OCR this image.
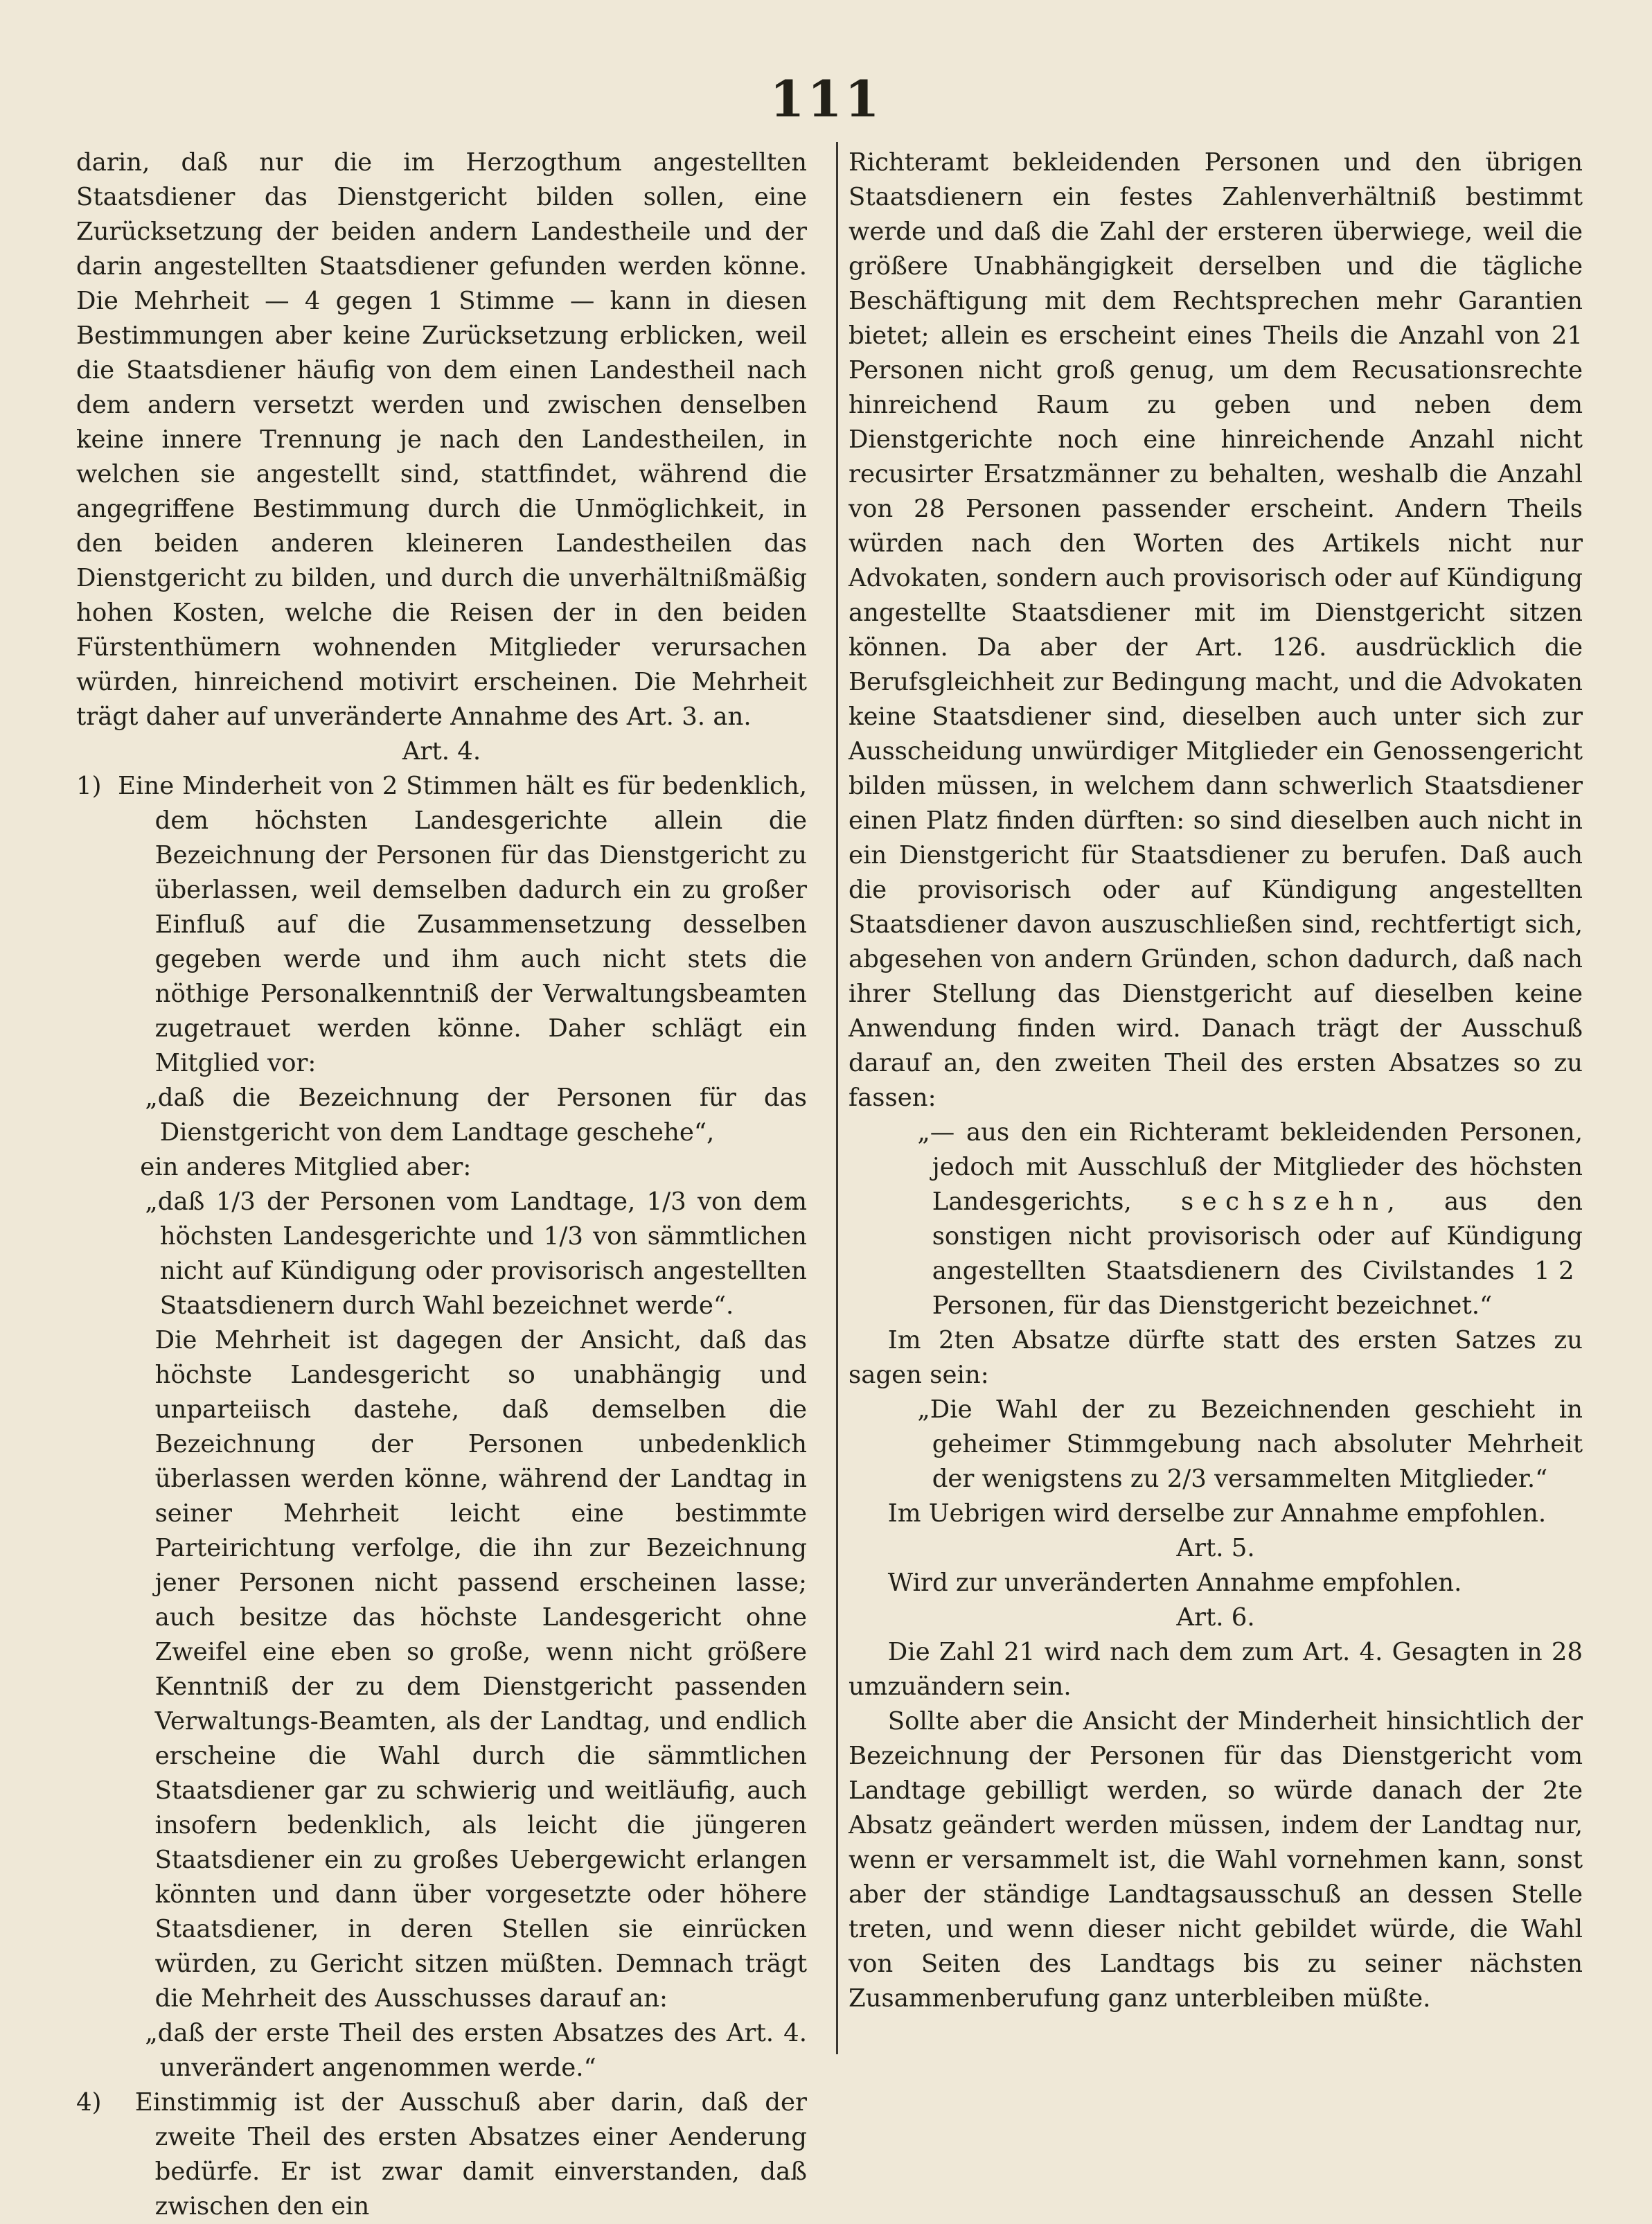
111

darin, daß nur die im Herzogthum angestellten Staatsdiener das Dienstgericht bilden sollen, eine Zurücksetzung der beiden andern Landestheile und der darin angestellten Staatsdiener gefunden werden könne. Die Mehrheit — 4 gegen 1 Stimme — kann in diesen Bestimmungen aber keine Zurücksetzung erblicken, weil die Staatsdiener häufig von dem einen Landestheil nach dem andern versetzt werden und zwischen denselben keine innere Trennung je nach den Landestheilen, in welchen sie angestellt sind, stattfindet, während die angegriffene Bestimmung durch die Unmöglichkeit, in den beiden anderen kleineren Landestheilen das Dienstgericht zu bilden, und durch die unverhältnißmäßig hohen Kosten, welche die Reisen der in den beiden Fürstenthümern wohnenden Mitglieder verursachen würden, hinreichend motivirt erscheinen. Die Mehrheit trägt daher auf unveränderte Annahme des Art. 3. an.

Art. 4.

1) Eine Minderheit von 2 Stimmen hält es für bedenklich, dem höchsten Landesgerichte allein die Bezeichnung der Personen für das Dienstgericht zu überlassen, weil demselben dadurch ein zu großer Einfluß auf die Zusammensetzung desselben gegeben werde und ihm auch nicht stets die nöthige Personalkenntniß der Verwaltungsbeamten zugetrauet werden könne. Daher schlägt ein Mitglied vor:

„daß die Bezeichnung der Personen für das Dienstgericht von dem Landtage geschehe“,

ein anderes Mitglied aber:

„daß 1/3 der Personen vom Landtage, 1/3 von dem höchsten Landesgerichte und 1/3 von sämmtlichen nicht auf Kündigung oder provisorisch angestellten Staatsdienern durch Wahl bezeichnet werde“.

Die Mehrheit ist dagegen der Ansicht, daß das höchste Landesgericht so unabhängig und unparteiisch dastehe, daß demselben die Bezeichnung der Personen unbedenklich überlassen werden könne, während der Landtag in seiner Mehrheit leicht eine bestimmte Parteirichtung verfolge, die ihn zur Bezeichnung jener Personen nicht passend erscheinen lasse; auch besitze das höchste Landesgericht ohne Zweifel eine eben so große, wenn nicht größere Kenntniß der zu dem Dienstgericht passenden Verwaltungs-Beamten, als der Landtag, und endlich erscheine die Wahl durch die sämmtlichen Staatsdiener gar zu schwierig und weitläufig, auch insofern bedenklich, als leicht die jüngeren Staatsdiener ein zu großes Uebergewicht erlangen könnten und dann über vorgesetzte oder höhere Staatsdiener, in deren Stellen sie einrücken würden, zu Gericht sitzen müßten. Demnach trägt die Mehrheit des Ausschusses darauf an:

„daß der erste Theil des ersten Absatzes des Art. 4. unverändert angenommen werde.“

4) Einstimmig ist der Ausschuß aber darin, daß der zweite Theil des ersten Absatzes einer Aenderung bedürfe. Er ist zwar damit einverstanden, daß zwischen den ein

Richteramt bekleidenden Personen und den übrigen Staatsdienern ein festes Zahlenverhältniß bestimmt werde und daß die Zahl der ersteren überwiege, weil die größere Unabhängigkeit derselben und die tägliche Beschäftigung mit dem Rechtsprechen mehr Garantien bietet; allein es erscheint eines Theils die Anzahl von 21 Personen nicht groß genug, um dem Recusationsrechte hinreichend Raum zu geben und neben dem Dienstgerichte noch eine hinreichende Anzahl nicht recusirter Ersatzmänner zu behalten, weshalb die Anzahl von 28 Personen passender erscheint. Andern Theils würden nach den Worten des Artikels nicht nur Advokaten, sondern auch provisorisch oder auf Kündigung angestellte Staatsdiener mit im Dienstgericht sitzen können. Da aber der Art. 126. ausdrücklich die Berufsgleichheit zur Bedingung macht, und die Advokaten keine Staatsdiener sind, dieselben auch unter sich zur Ausscheidung unwürdiger Mitglieder ein Genossengericht bilden müssen, in welchem dann schwerlich Staatsdiener einen Platz finden dürften: so sind dieselben auch nicht in ein Dienstgericht für Staatsdiener zu berufen. Daß auch die provisorisch oder auf Kündigung angestellten Staatsdiener davon auszuschließen sind, rechtfertigt sich, abgesehen von andern Gründen, schon dadurch, daß nach ihrer Stellung das Dienstgericht auf dieselben keine Anwendung finden wird. Danach trägt der Ausschuß darauf an, den zweiten Theil des ersten Absatzes so zu fassen:

„— aus den ein Richteramt bekleidenden Personen, jedoch mit Ausschluß der Mitglieder des höchsten Landesgerichts, sechszehn, aus den sonstigen nicht provisorisch oder auf Kündigung angestellten Staatsdienern des Civilstandes 12 Personen, für das Dienstgericht bezeichnet.“

Im 2ten Absatze dürfte statt des ersten Satzes zu sagen sein:

„Die Wahl der zu Bezeichnenden geschieht in geheimer Stimmgebung nach absoluter Mehrheit der wenigstens zu 2/3 versammelten Mitglieder.“

Im Uebrigen wird derselbe zur Annahme empfohlen.

Art. 5.

Wird zur unveränderten Annahme empfohlen.

Art. 6.

Die Zahl 21 wird nach dem zum Art. 4. Gesagten in 28 umzuändern sein.

Sollte aber die Ansicht der Minderheit hinsichtlich der Bezeichnung der Personen für das Dienstgericht vom Landtage gebilligt werden, so würde danach der 2te Absatz geändert werden müssen, indem der Landtag nur, wenn er versammelt ist, die Wahl vornehmen kann, sonst aber der ständige Landtagsausschuß an dessen Stelle treten, und wenn dieser nicht gebildet würde, die Wahl von Seiten des Landtags bis zu seiner nächsten Zusammenberufung ganz unterbleiben müßte.
